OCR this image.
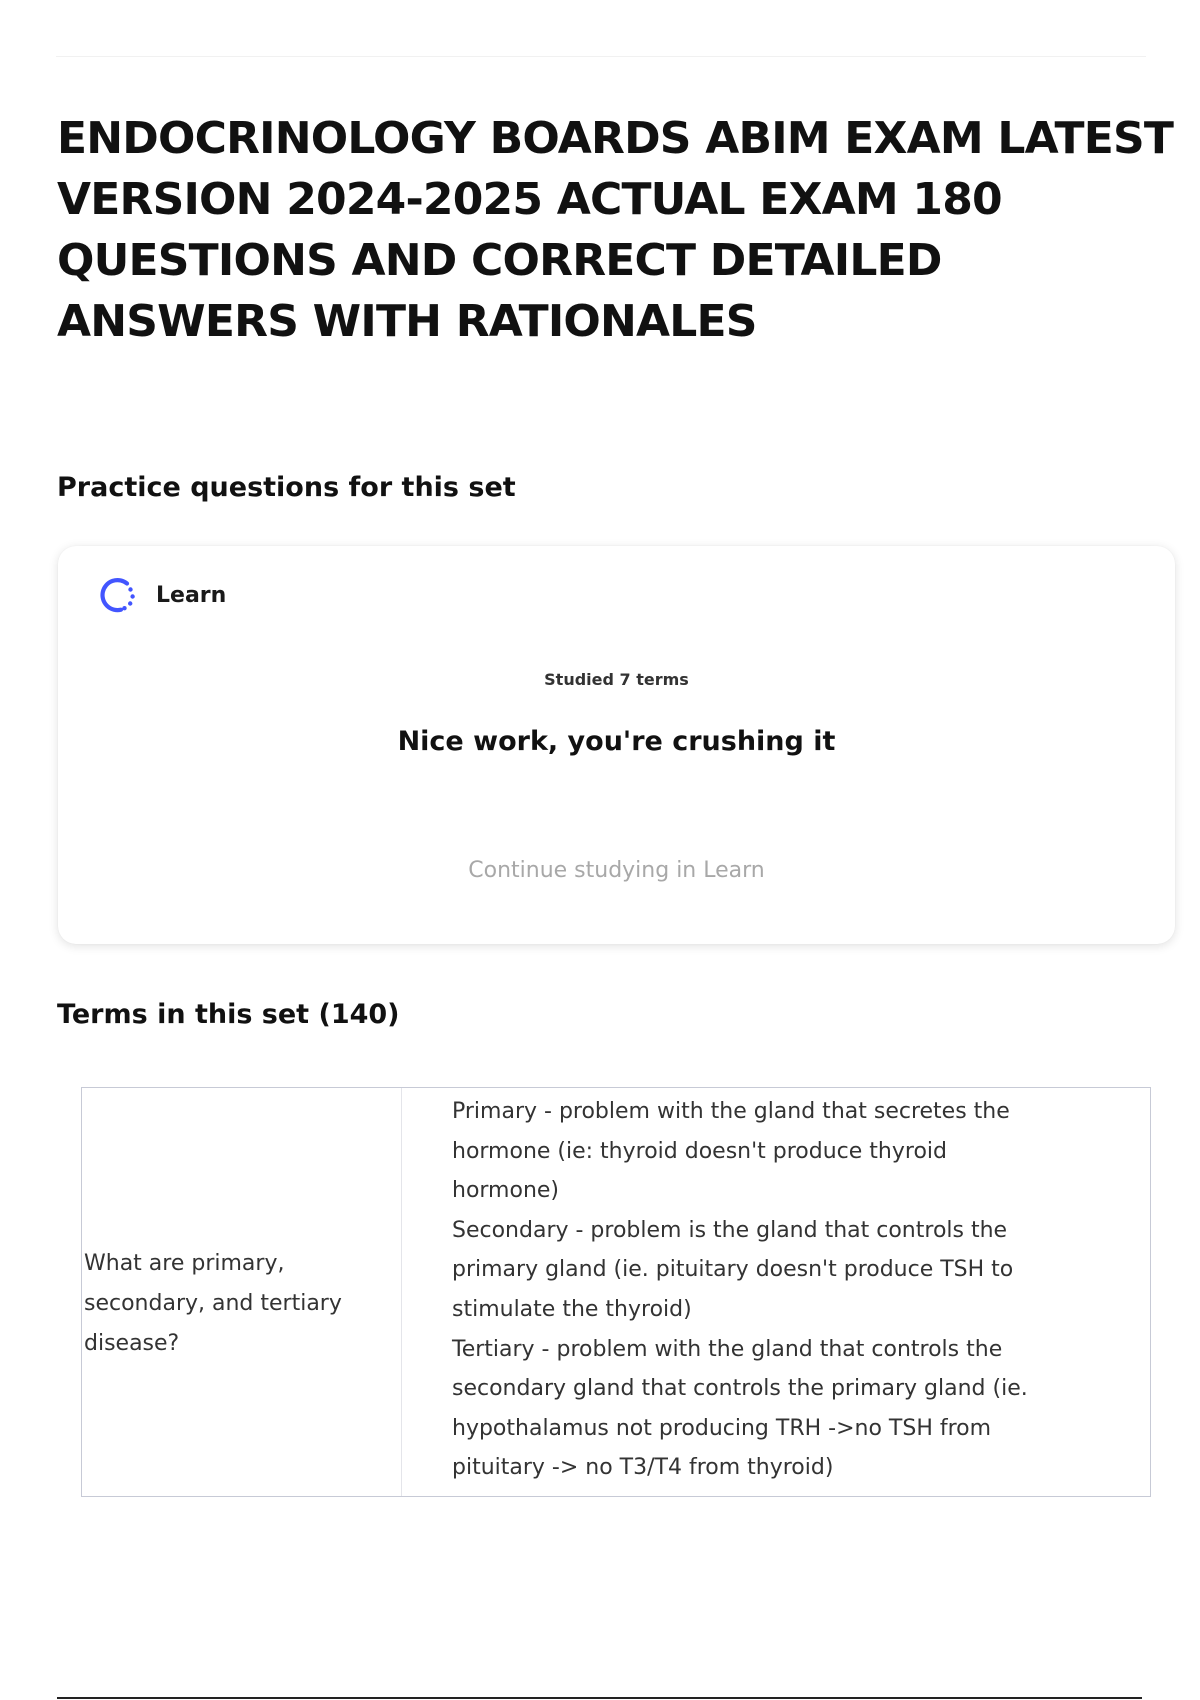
ENDOCRINOLOGY BOARDS ABIM EXAM LATEST VERSION 2024-2025 ACTUAL EXAM 180 QUESTIONS AND CORRECT DETAILED ANSWERS WITH RATIONALES
Practice questions for this set
Learn
Studied 7 terms
Nice work, you're crushing it
Continue studying in Learn
Terms in this set (140)

What are primary, secondary, and tertiary disease?

Primary - problem with the gland that secretes the

hormone (ie: thyroid doesn't produce thyroid

hormone)

Secondary - problem is the gland that controls the

primary gland (ie. pituitary doesn't produce TSH to

stimulate the thyroid)

Tertiary - problem with the gland that controls the

secondary gland that controls the primary gland (ie.

hypothalamus not producing TRH ->no TSH from

pituitary -> no T3/T4 from thyroid)
